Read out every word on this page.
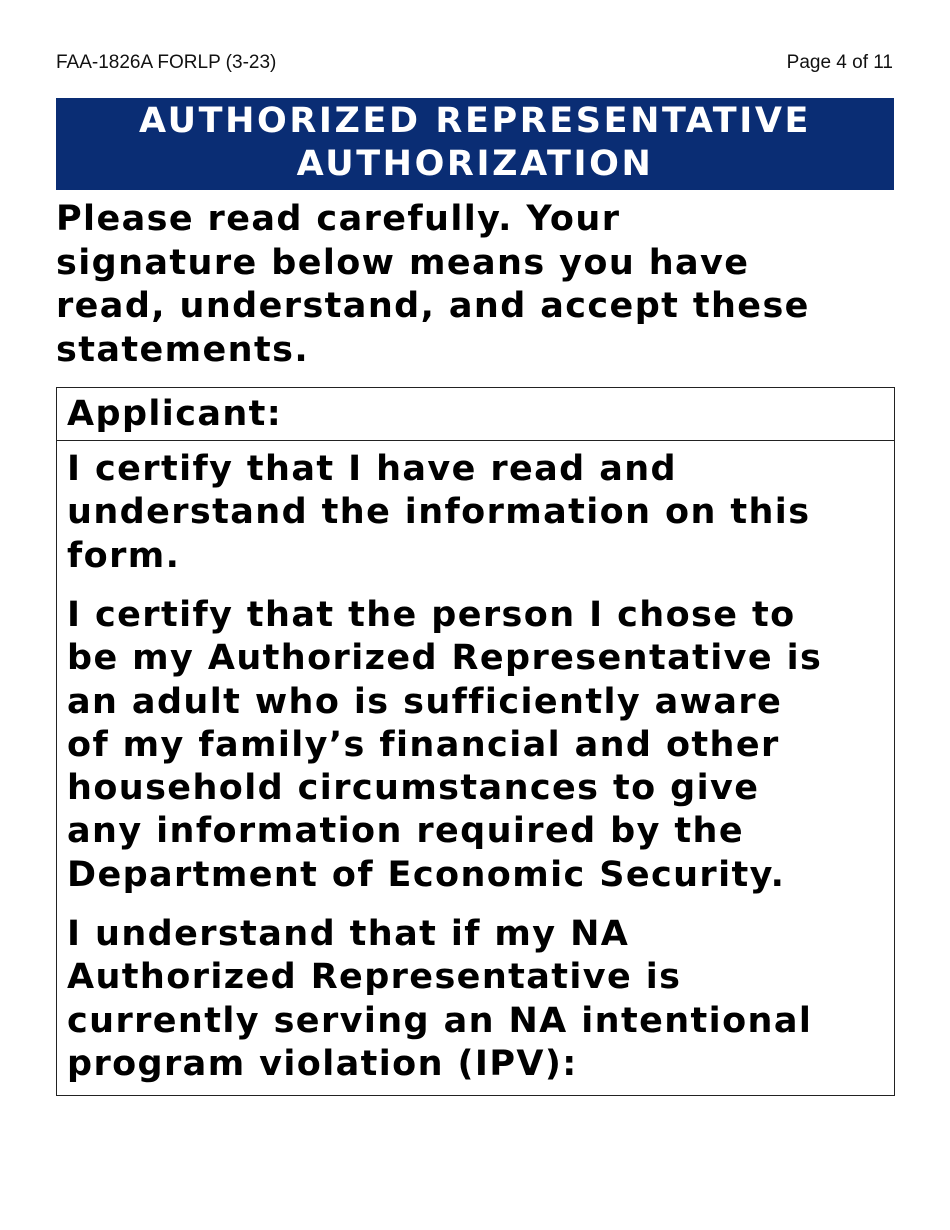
FAA-1826A FORLP (3-23)	Page 4 of 11
AUTHORIZED REPRESENTATIVE
AUTHORIZATION
Please read carefully. Your
signature below means you have
read, understand, and accept these
statements.
Applicant:
I certify that I have read and
understand the information on this
form.
I certify that the person I chose to
be my Authorized Representative is
an adult who is sufficiently aware
of my family’s financial and other
household circumstances to give
any information required by the
Department of Economic Security.
I understand that if my NA
Authorized Representative is
currently serving an NA intentional
program violation (IPV):
